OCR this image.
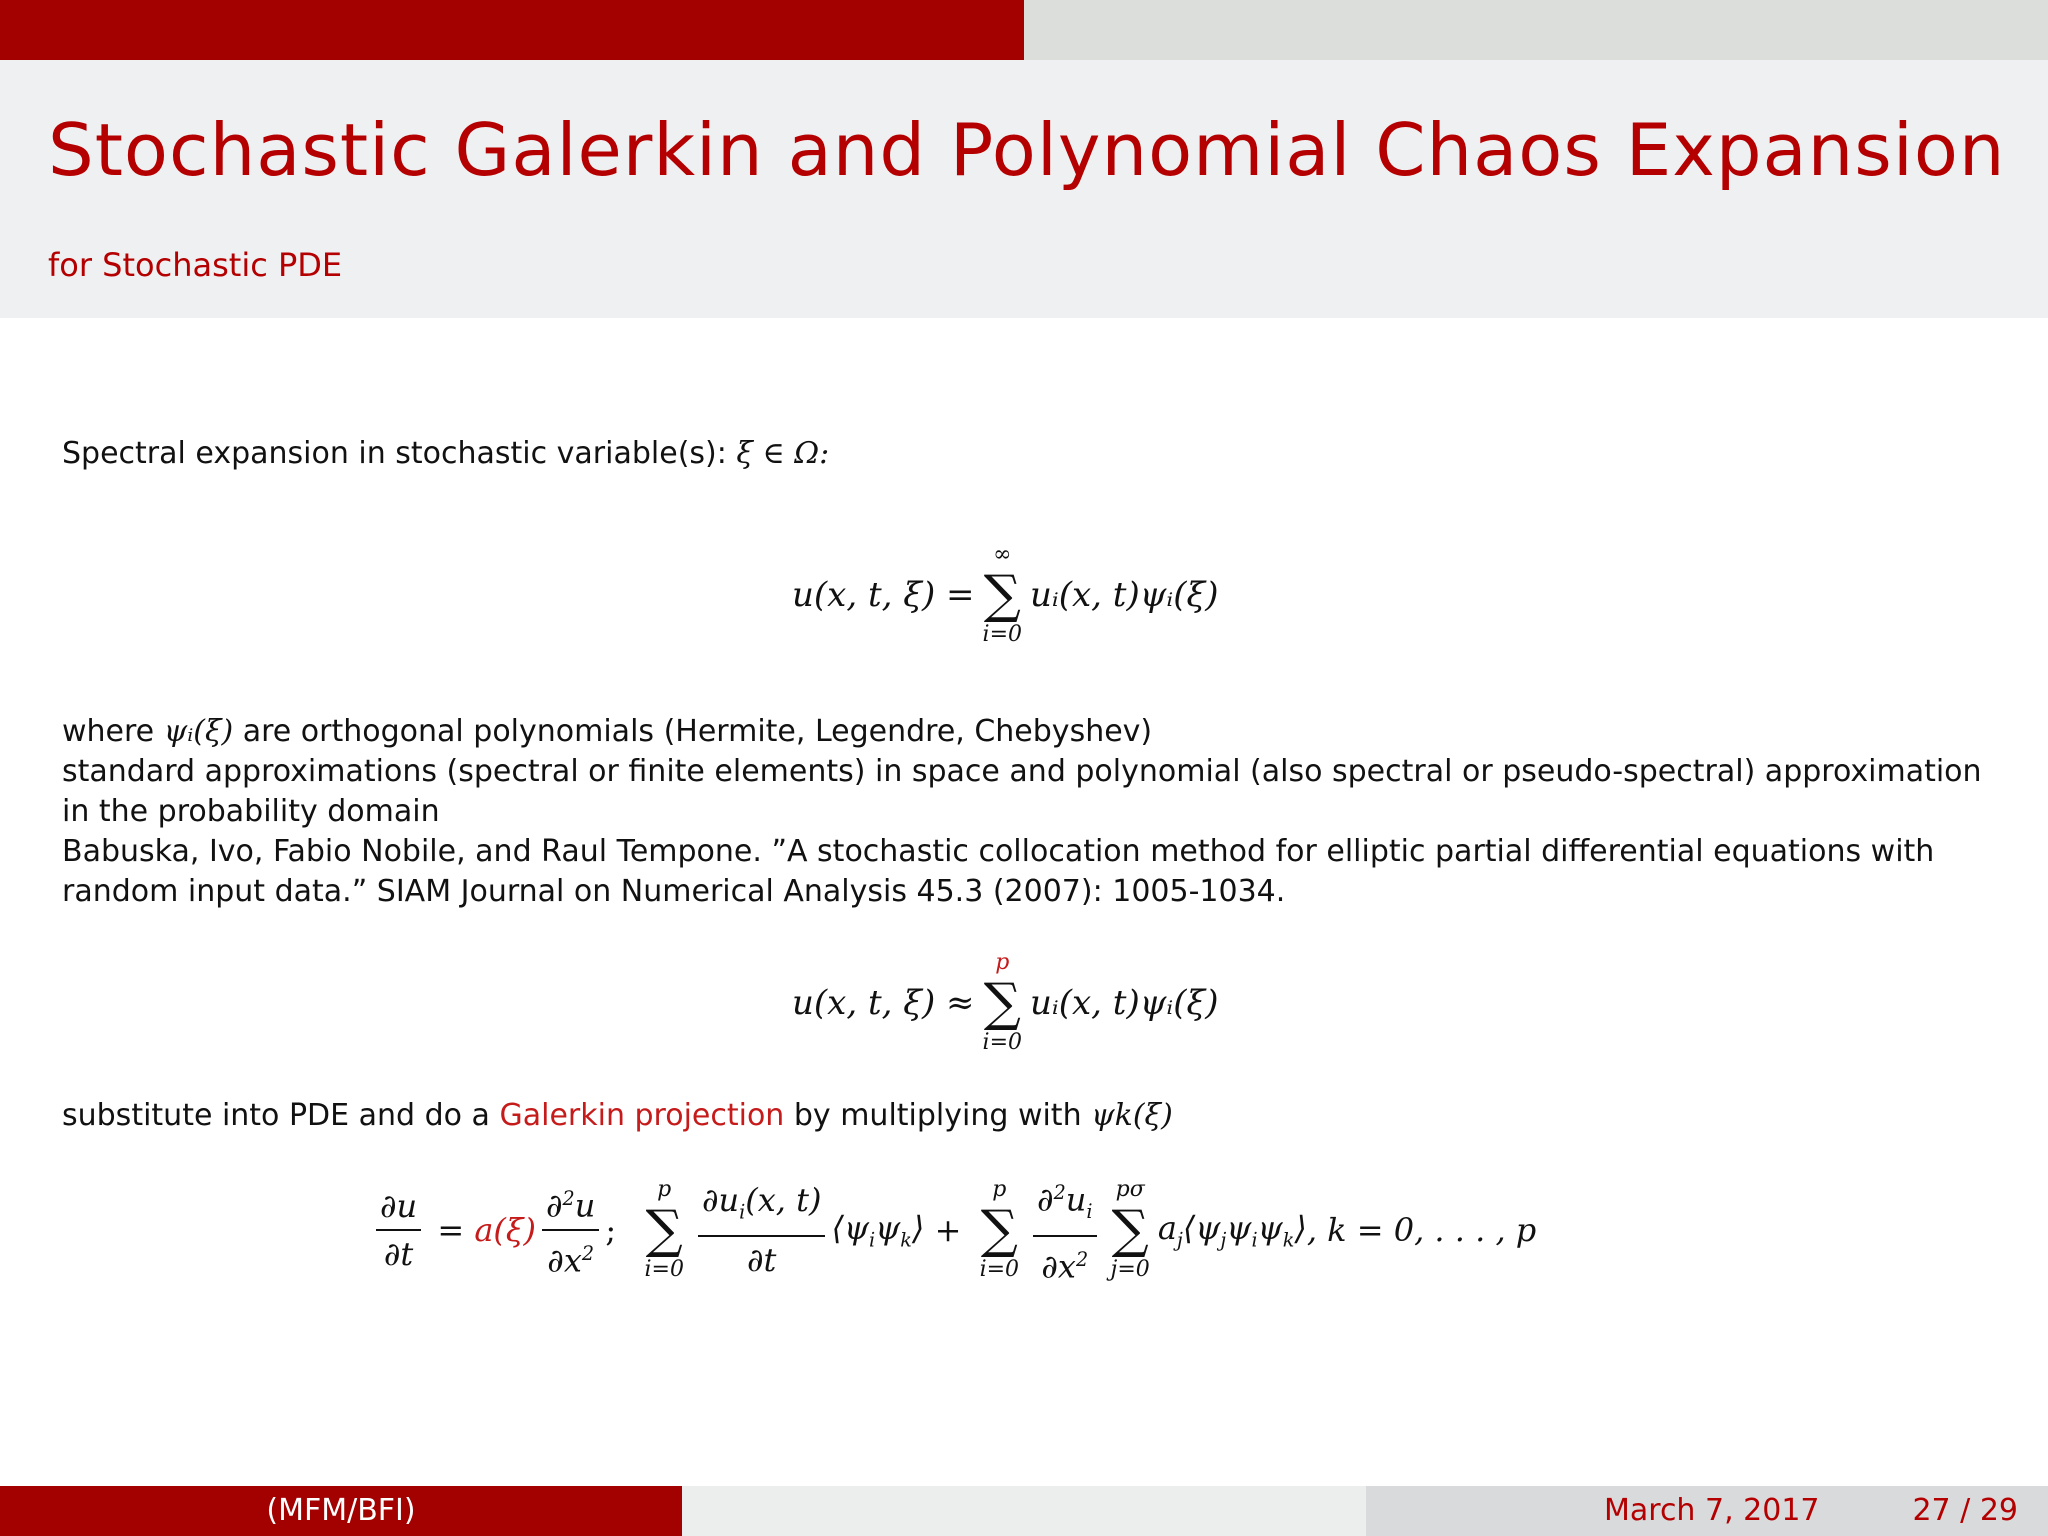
Stochastic Galerkin and Polynomial Chaos Expansion
for Stochastic PDE
Spectral expansion in stochastic variable(s): ξ ∈ Ω:
u(x, t, ξ) =
∞
∑
i=0
uᵢ(x, t)ψᵢ(ξ)

where ψᵢ(ξ) are orthogonal polynomials (Hermite, Legendre, Chebyshev)

standard approximations (spectral or finite elements) in space and polynomial (also spectral or pseudo-spectral) approximation in the probability domain

Babuska, Ivo, Fabio Nobile, and Raul Tempone. ”A stochastic collocation method for elliptic partial differential equations with random input data.” SIAM Journal on Numerical Analysis 45.3 (2007): 1005-1034.

u(x, t, ξ) ≈
p
∑
i=0
uᵢ(x, t)ψᵢ(ξ)
substitute into PDE and do a Galerkin projection by multiplying with ψk(ξ)
$\frac{\partial u}{\partial t} = a(\xi) \frac{\partial^2u}{\partial x^2}$ ;
p
∑
$i=0 \frac{\partial u_i(x, t)}{\partial t}$ $⟨\psi_i\psi_k⟩$ +
p
∑
$i=0 \frac{\partial^2u_i}{\partial x^2}$ pσ
∑
j=0
$a_j⟨\psi_j\psi_i\psi_k⟩$ , k = 0, . . . , p
(MFM/BFI)	March 7, 2017	27 / 29
